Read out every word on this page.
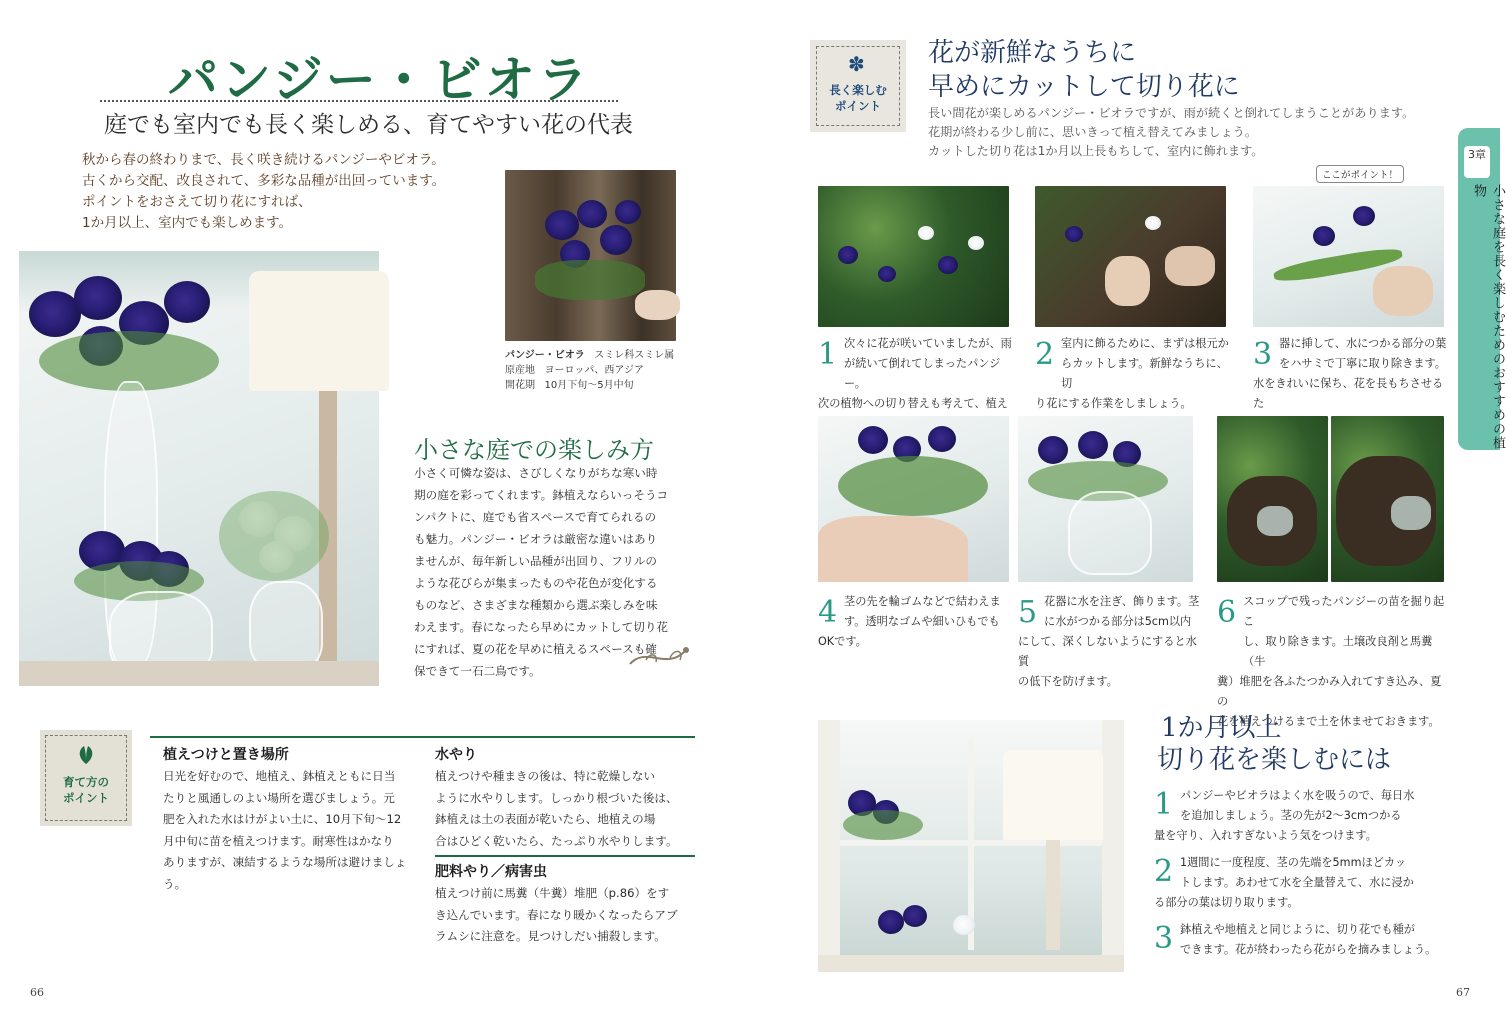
パンジー・ビオラ
庭でも室内でも長く楽しめる、育てやすい花の代表
秋から春の終わりまで、長く咲き続けるパンジーやビオラ。
古くから交配、改良されて、多彩な品種が出回っています。
ポイントをおさえて切り花にすれば、
1か月以上、室内でも楽しめます。
パンジー・ビオラ スミレ科スミレ属
原産地 ヨーロッパ、西アジア
開花期 10月下旬～5月中旬
小さな庭での楽しみ方
小さく可憐な姿は、さびしくなりがちな寒い時
期の庭を彩ってくれます。鉢植えならいっそうコ
ンパクトに、庭でも省スペースで育てられるの
も魅力。パンジー・ビオラは厳密な違いはあり
ませんが、毎年新しい品種が出回り、フリルの
ような花びらが集まったものや花色が変化する
ものなど、さまざまな種類から選ぶ楽しみを味
わえます。春になったら早めにカットして切り花
にすれば、夏の花を早めに植えるスペースも確
保できて一石二鳥です。
育て方の
ポイント
植えつけと置き場所
日光を好むので、地植え、鉢植えともに日当
たりと風通しのよい場所を選びましょう。元
肥を入れた水はけがよい土に、10月下旬～12
月中旬に苗を植えつけます。耐寒性はかなり
ありますが、凍結するような場所は避けましょう。
水やり
植えつけや種まきの後は、特に乾燥しない
ように水やりします。しっかり根づいた後は、
鉢植えは土の表面が乾いたら、地植えの場
合はひどく乾いたら、たっぷり水やりします。
肥料やり／病害虫
植えつけ前に馬糞（牛糞）堆肥（p.86）をす
き込んでいます。春になり暖かくなったらアブ
ラムシに注意を。見つけしだい捕殺します。
66
✽
長く楽しむ
ポイント
花が新鮮なうちに
早めにカットして切り花に
長い間花が楽しめるパンジー・ビオラですが、雨が続くと倒れてしまうことがあります。
花期が終わる少し前に、思いきって植え替えてみましょう。
カットした切り花は1か月以上長もちして、室内に飾れます。	3章
小さな庭を長く楽しむためのおすすめの植物
ここがポイント！
1 次々に花が咲いていましたが、雨
が続いて倒れてしまったパンジー。
次の植物への切り替えも考えて、植え
2 室内に飾るために、まずは根元か
らカットします。新鮮なうちに、切
り花にする作業をしましょう。
3 器に挿して、水につかる部分の葉
をハサミで丁寧に取り除きます。
水をきれいに保ち、花を長もちさせるた
4 茎の先を輪ゴムなどで結わえま
す。透明なゴムや細いひもでも
OKです。
5 花器に水を注ぎ、飾ります。茎
に水がつかる部分は5cm以内
にして、深くしないようにすると水質
の低下を防げます。
6 スコップで残ったパンジーの苗を掘り起こ
し、取り除きます。土壌改良剤と馬糞（牛
糞）堆肥を各ふたつかみ入れてすき込み、夏の
花を植えつけるまで土を休ませておきます。
1か月以上
切り花を楽しむには
1 パンジーやビオラはよく水を吸うので、毎日水
を追加しましょう。茎の先が2～3cmつかる
量を守り、入れすぎないよう気をつけます。
2 1週間に一度程度、茎の先端を5mmほどカッ
トします。あわせて水を全量替えて、水に浸か
る部分の葉は切り取ります。
3 鉢植えや地植えと同じように、切り花でも種が
できます。花が終わったら花がらを摘みましょう。
67
